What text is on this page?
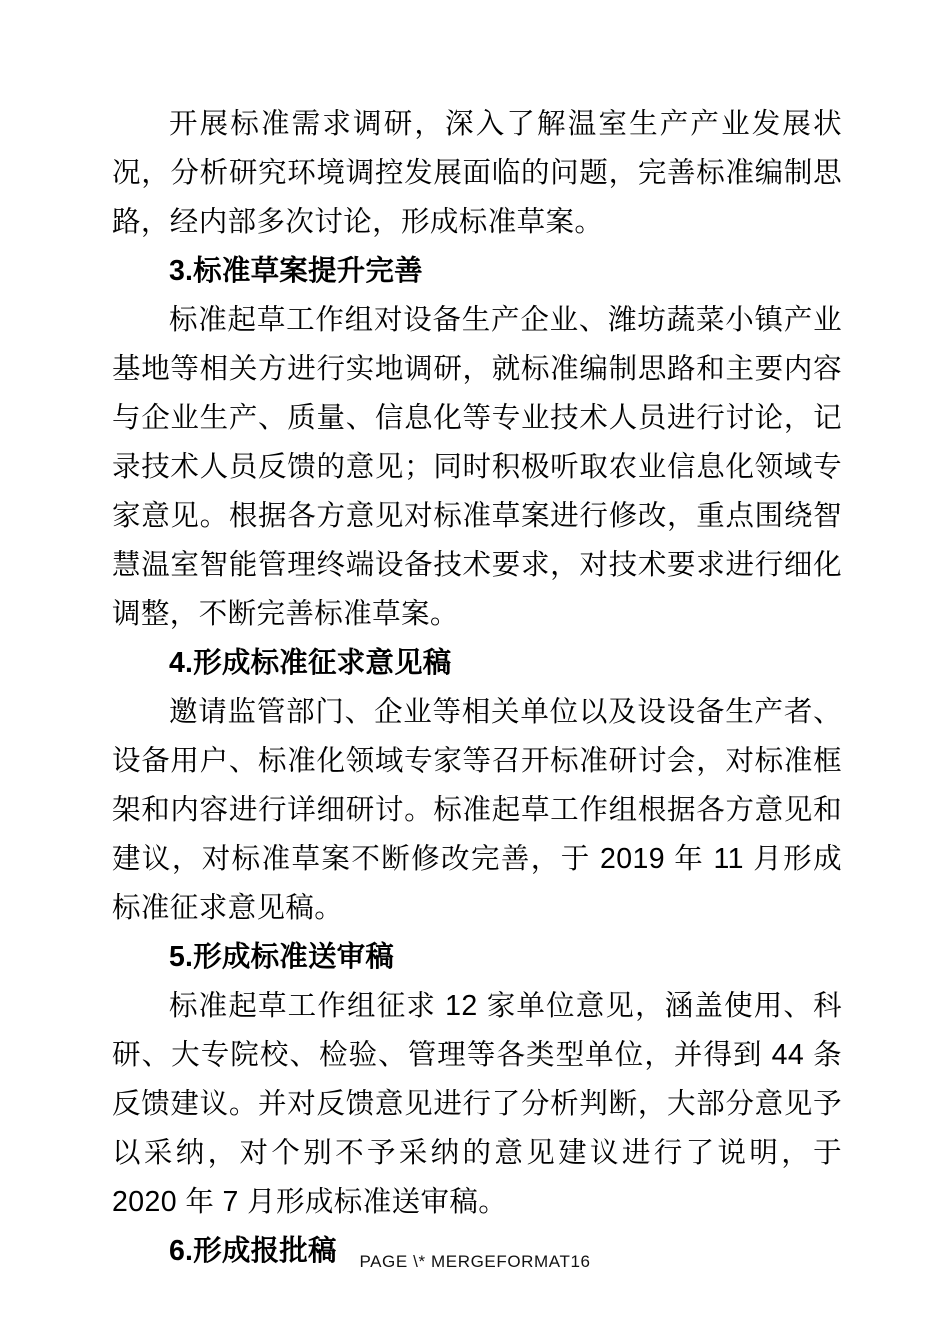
开展标准需求调研，深入了解温室生产产业发展状况，分析研究环境调控发展面临的问题，完善标准编制思路，经内部多次讨论，形成标准草案。

3.标准草案提升完善

标准起草工作组对设备生产企业、潍坊蔬菜小镇产业基地等相关方进行实地调研，就标准编制思路和主要内容与企业生产、质量、信息化等专业技术人员进行讨论，记录技术人员反馈的意见；同时积极听取农业信息化领域专家意见。根据各方意见对标准草案进行修改，重点围绕智慧温室智能管理终端设备技术要求，对技术要求进行细化调整，不断完善标准草案。

4.形成标准征求意见稿

邀请监管部门、企业等相关单位以及设设备生产者、设备用户、标准化领域专家等召开标准研讨会，对标准框架和内容进行详细研讨。标准起草工作组根据各方意见和建议，对标准草案不断修改完善，于 2019 年 11 月形成标准征求意见稿。

5.形成标准送审稿

标准起草工作组征求 12 家单位意见，涵盖使用、科研、大专院校、检验、管理等各类型单位，并得到 44 条反馈建议。并对反馈意见进行了分析判断，大部分意见予以采纳，对个别不予采纳的意见建议进行了说明，于 2020 年 7 月形成标准送审稿。

6.形成报批稿	PAGE \* MERGEFORMAT16
